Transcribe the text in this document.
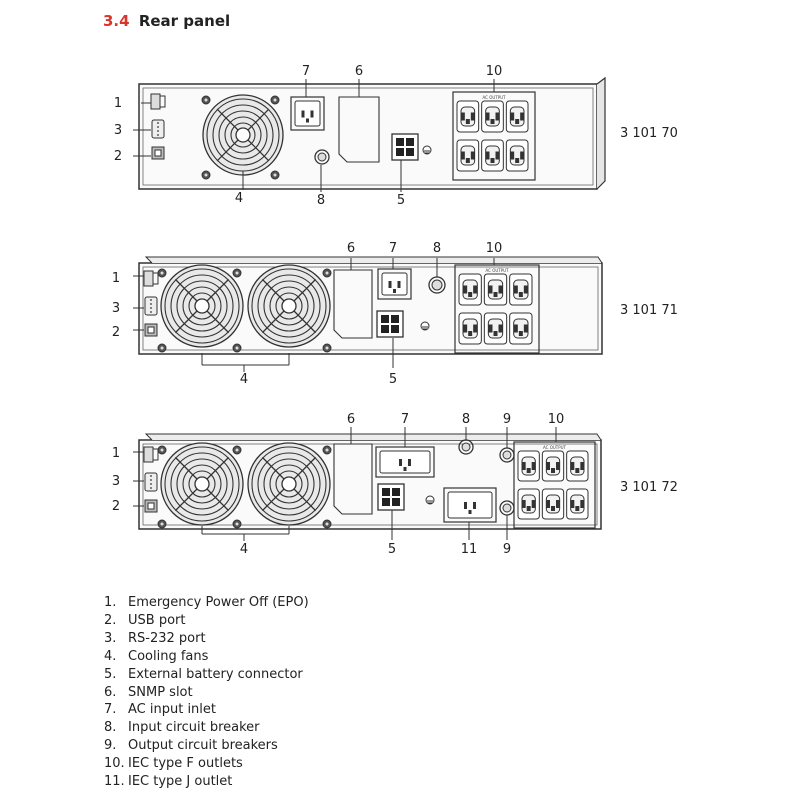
3.4 Rear panel
AC OUTPUT
1
3
2
7	6	10
4	8	5
3 101 70
AC OUTPUT
1
3
2
6	7	8	10
4	5
3 101 71
AC OUTPUT
1
3
2
6	7	8	9	10
4	5	11 9
3 101 72
1. Emergency Power Off (EPO)
2. USB port
3. RS-232 port
4. Cooling fans
5. External battery connector
6. SNMP slot
7. AC input inlet
8. Input circuit breaker
9. Output circuit breakers
10. IEC type F outlets
11. IEC type J outlet
